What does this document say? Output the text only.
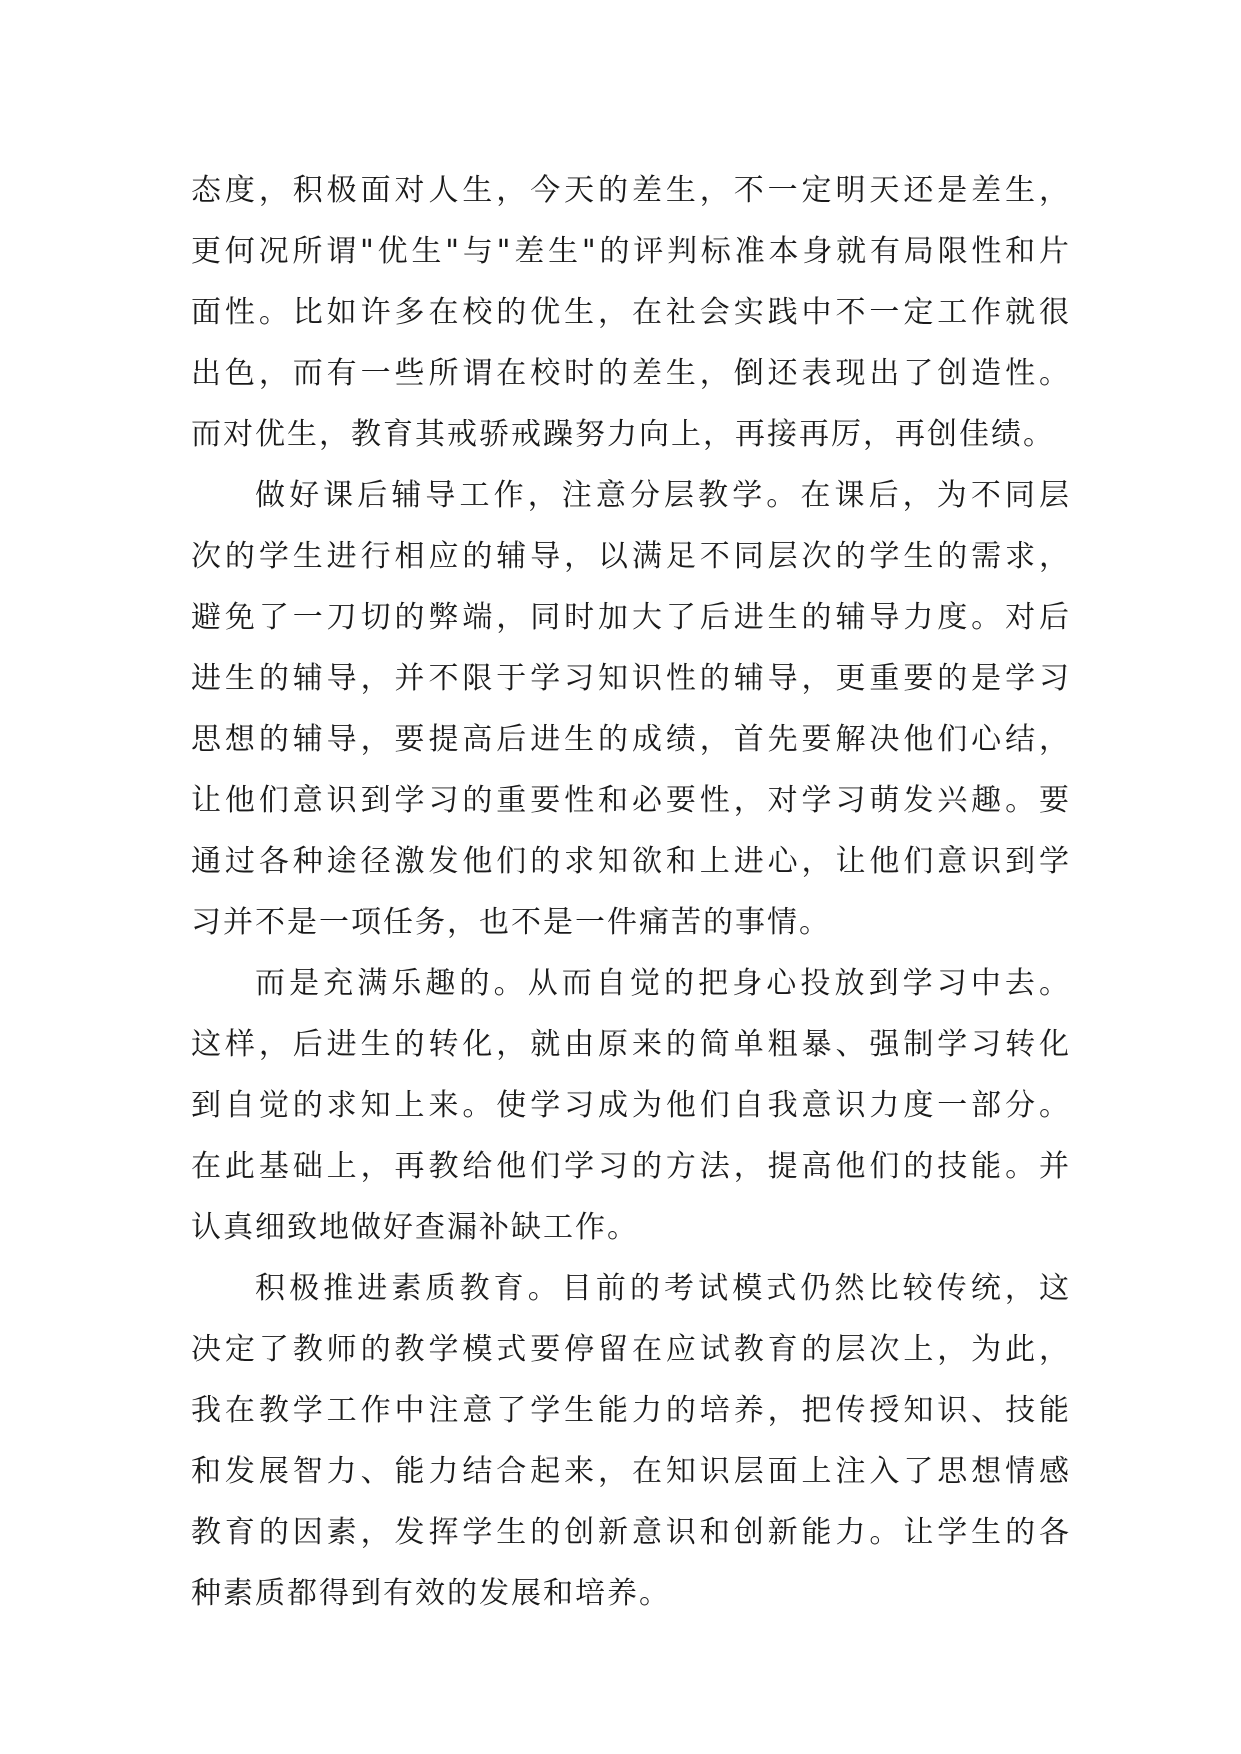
态度，积极面对人生，今天的差生，不一定明天还是差生，
更何况所谓"优生"与"差生"的评判标准本身就有局限性和片
面性。比如许多在校的优生，在社会实践中不一定工作就很
出色，而有一些所谓在校时的差生，倒还表现出了创造性。
而对优生，教育其戒骄戒躁努力向上，再接再厉，再创佳绩。
做好课后辅导工作，注意分层教学。在课后，为不同层
次的学生进行相应的辅导，以满足不同层次的学生的需求，
避免了一刀切的弊端，同时加大了后进生的辅导力度。对后
进生的辅导，并不限于学习知识性的辅导，更重要的是学习
思想的辅导，要提高后进生的成绩，首先要解决他们心结，
让他们意识到学习的重要性和必要性，对学习萌发兴趣。要
通过各种途径激发他们的求知欲和上进心，让他们意识到学
习并不是一项任务，也不是一件痛苦的事情。
而是充满乐趣的。从而自觉的把身心投放到学习中去。
这样，后进生的转化，就由原来的简单粗暴、强制学习转化
到自觉的求知上来。使学习成为他们自我意识力度一部分。
在此基础上，再教给他们学习的方法，提高他们的技能。并
认真细致地做好查漏补缺工作。
积极推进素质教育。目前的考试模式仍然比较传统，这
决定了教师的教学模式要停留在应试教育的层次上，为此，
我在教学工作中注意了学生能力的培养，把传授知识、技能
和发展智力、能力结合起来，在知识层面上注入了思想情感
教育的因素，发挥学生的创新意识和创新能力。让学生的各
种素质都得到有效的发展和培养。
